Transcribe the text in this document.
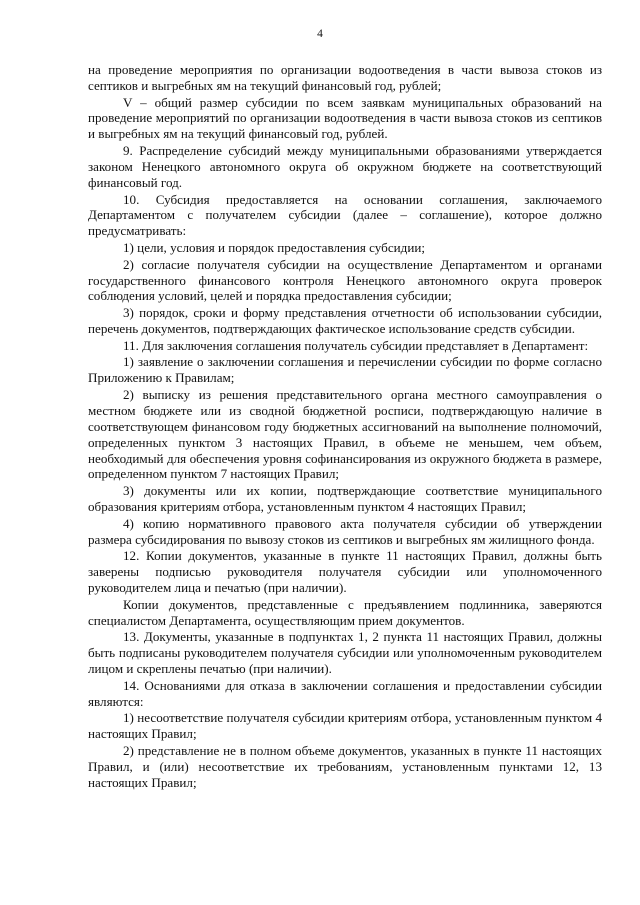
4

на проведение мероприятия по организации водоотведения в части вывоза стоков из септиков и выгребных ям на текущий финансовый год, рублей;

V – общий размер субсидии по всем заявкам муниципальных образований на проведение мероприятий по организации водоотведения в части вывоза стоков из септиков и выгребных ям на текущий финансовый год, рублей.

9. Распределение субсидий между муниципальными образованиями утверждается законом Ненецкого автономного округа об окружном бюджете на соответствующий финансовый год.

10. Субсидия предоставляется на основании соглашения, заключаемого Департаментом с получателем субсидии (далее – соглашение), которое должно предусматривать:

1) цели, условия и порядок предоставления субсидии;

2) согласие получателя субсидии на осуществление Департаментом и органами государственного финансового контроля Ненецкого автономного округа проверок соблюдения условий, целей и порядка предоставления субсидии;

3) порядок, сроки и форму представления отчетности об использовании субсидии, перечень документов, подтверждающих фактическое использование средств субсидии.

11. Для заключения соглашения получатель субсидии представляет в Департамент:

1) заявление о заключении соглашения и перечислении субсидии по форме согласно Приложению к Правилам;

2) выписку из решения представительного органа местного самоуправления о местном бюджете или из сводной бюджетной росписи, подтверждающую наличие в соответствующем финансовом году бюджетных ассигнований на выполнение полномочий, определенных пунктом 3 настоящих Правил, в объеме не меньшем, чем объем, необходимый для обеспечения уровня софинансирования из окружного бюджета в размере, определенном пунктом 7 настоящих Правил;

3) документы или их копии, подтверждающие соответствие муниципального образования критериям отбора, установленным пунктом 4 настоящих Правил;

4) копию нормативного правового акта получателя субсидии об утверждении размера субсидирования по вывозу стоков из септиков и выгребных ям жилищного фонда.

12. Копии документов, указанные в пункте 11 настоящих Правил, должны быть заверены подписью руководителя получателя субсидии или уполномоченного руководителем лица и печатью (при наличии).

Копии документов, представленные с предъявлением подлинника, заверяются специалистом Департамента, осуществляющим прием документов.

13. Документы, указанные в подпунктах 1, 2 пункта 11 настоящих Правил, должны быть подписаны руководителем получателя субсидии или уполномоченным руководителем лицом и скреплены печатью (при наличии).

14. Основаниями для отказа в заключении соглашения и предоставлении субсидии являются:

1) несоответствие получателя субсидии критериям отбора, установленным пунктом 4 настоящих Правил;

2) представление не в полном объеме документов, указанных в пункте 11 настоящих Правил, и (или) несоответствие их требованиям, установленным пунктами 12, 13 настоящих Правил;
